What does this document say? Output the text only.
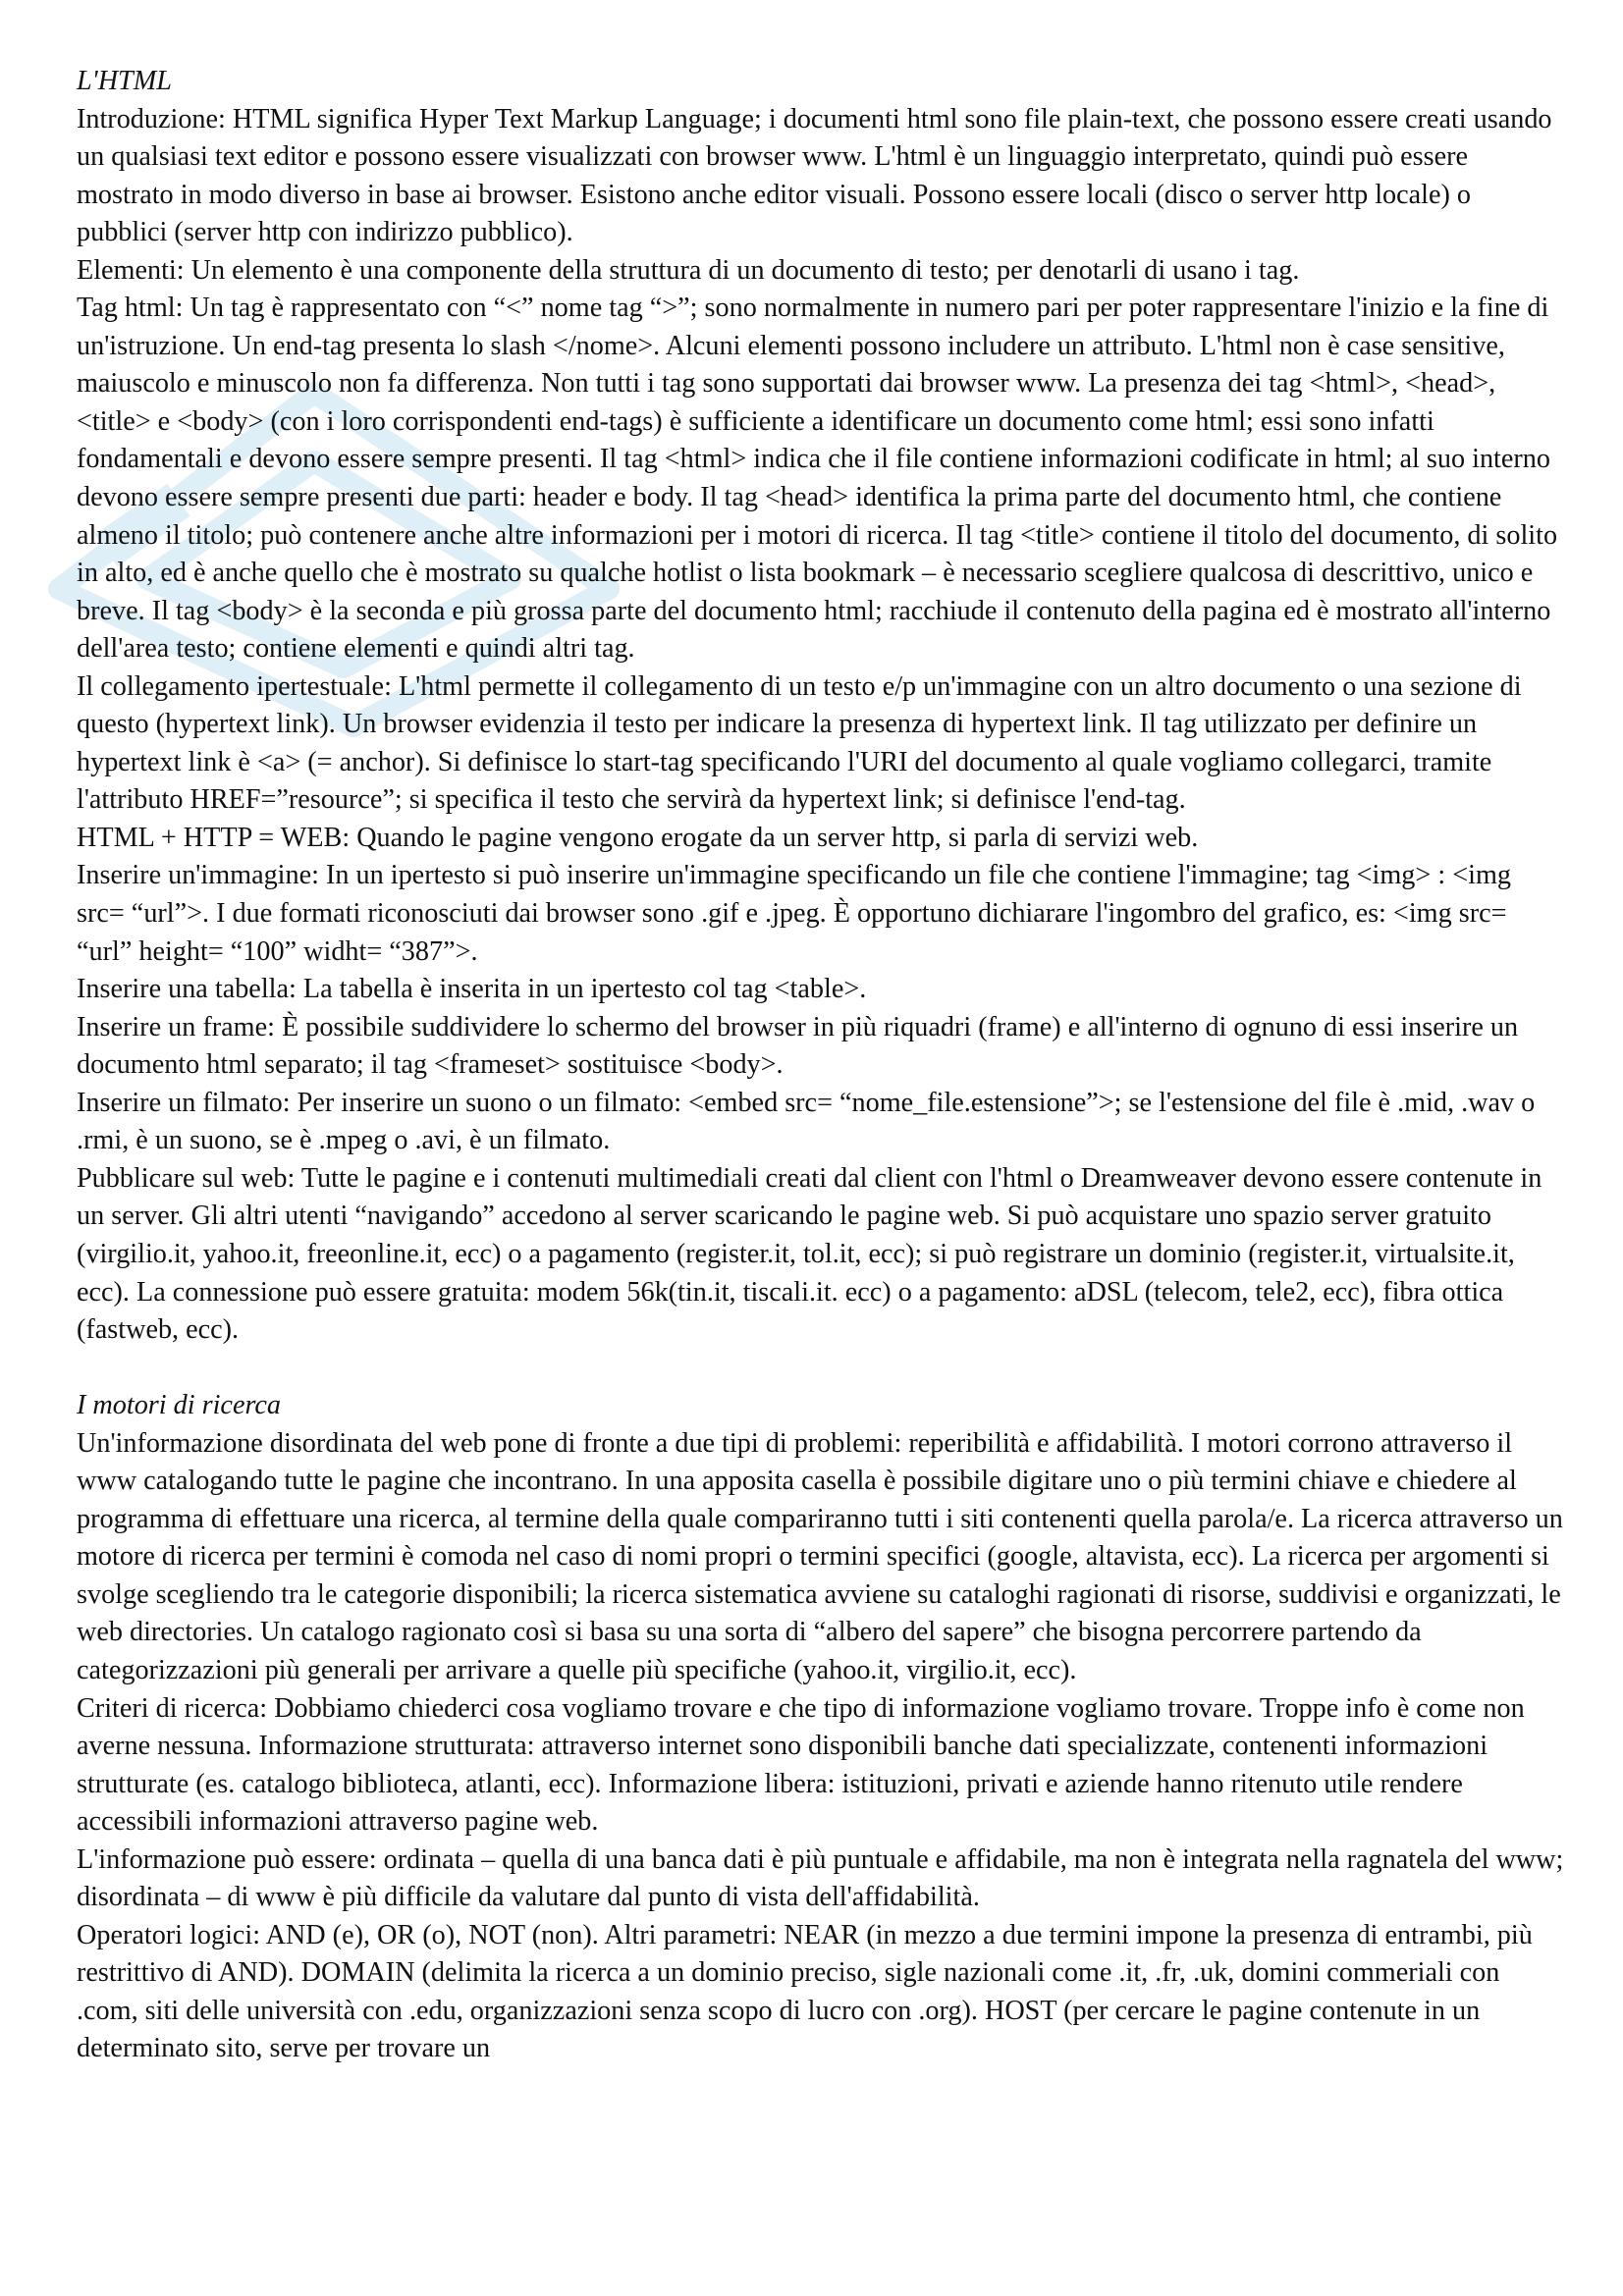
L'HTML

Introduzione: HTML significa Hyper Text Markup Language; i documenti html sono file plain-text, che possono essere creati usando un qualsiasi text editor e possono essere visualizzati con browser www. L'html è un linguaggio interpretato, quindi può essere mostrato in modo diverso in base ai browser. Esistono anche editor visuali. Possono essere locali (disco o server http locale) o pubblici (server http con indirizzo pubblico).

Elementi: Un elemento è una componente della struttura di un documento di testo; per denotarli di usano i tag.

Tag html: Un tag è rappresentato con “<” nome tag “>”; sono normalmente in numero pari per poter rappresentare l'inizio e la fine di un'istruzione. Un end-tag presenta lo slash </nome>. Alcuni elementi possono includere un attributo. L'html non è case sensitive, maiuscolo e minuscolo non fa differenza. Non tutti i tag sono supportati dai browser www. La presenza dei tag <html>, <head>, <title> e <body> (con i loro corrispondenti end-tags) è sufficiente a identificare un documento come html; essi sono infatti fondamentali e devono essere sempre presenti. Il tag <html> indica che il file contiene informazioni codificate in html; al suo interno devono essere sempre presenti due parti: header e body. Il tag <head> identifica la prima parte del documento html, che contiene almeno il titolo; può contenere anche altre informazioni per i motori di ricerca. Il tag <title> contiene il titolo del documento, di solito in alto, ed è anche quello che è mostrato su qualche hotlist o lista bookmark – è necessario scegliere qualcosa di descrittivo, unico e breve. Il tag <body> è la seconda e più grossa parte del documento html; racchiude il contenuto della pagina ed è mostrato all'interno dell'area testo; contiene elementi e quindi altri tag.

Il collegamento ipertestuale: L'html permette il collegamento di un testo e/p un'immagine con un altro documento o una sezione di questo (hypertext link). Un browser evidenzia il testo per indicare la presenza di hypertext link. Il tag utilizzato per definire un hypertext link è <a> (= anchor). Si definisce lo start-tag specificando l'URI del documento al quale vogliamo collegarci, tramite l'attributo HREF=”resource”; si specifica il testo che servirà da hypertext link; si definisce l'end-tag.

HTML + HTTP = WEB: Quando le pagine vengono erogate da un server http, si parla di servizi web.

Inserire un'immagine: In un ipertesto si può inserire un'immagine specificando un file che contiene l'immagine; tag <img> : <img src= “url”>. I due formati riconosciuti dai browser sono .gif e .jpeg. È opportuno dichiarare l'ingombro del grafico, es: <img src= “url” height= “100” widht= “387”>.

Inserire una tabella: La tabella è inserita in un ipertesto col tag <table>.

Inserire un frame: È possibile suddividere lo schermo del browser in più riquadri (frame) e all'interno di ognuno di essi inserire un documento html separato; il tag <frameset> sostituisce <body>.

Inserire un filmato: Per inserire un suono o un filmato: <embed src= “nome_file.estensione”>; se l'estensione del file è .mid, .wav o .rmi, è un suono, se è .mpeg o .avi, è un filmato.

Pubblicare sul web: Tutte le pagine e i contenuti multimediali creati dal client con l'html o Dreamweaver devono essere contenute in un server. Gli altri utenti “navigando” accedono al server scaricando le pagine web. Si può acquistare uno spazio server gratuito (virgilio.it, yahoo.it, freeonline.it, ecc) o a pagamento (register.it, tol.it, ecc); si può registrare un dominio (register.it, virtualsite.it, ecc). La connessione può essere gratuita: modem 56k(tin.it, tiscali.it. ecc) o a pagamento: aDSL (telecom, tele2, ecc), fibra ottica (fastweb, ecc).

I motori di ricerca

Un'informazione disordinata del web pone di fronte a due tipi di problemi: reperibilità e affidabilità. I motori corrono attraverso il www catalogando tutte le pagine che incontrano. In una apposita casella è possibile digitare uno o più termini chiave e chiedere al programma di effettuare una ricerca, al termine della quale compariranno tutti i siti contenenti quella parola/e. La ricerca attraverso un motore di ricerca per termini è comoda nel caso di nomi propri o termini specifici (google, altavista, ecc). La ricerca per argomenti si svolge scegliendo tra le categorie disponibili; la ricerca sistematica avviene su cataloghi ragionati di risorse, suddivisi e organizzati, le web directories. Un catalogo ragionato così si basa su una sorta di “albero del sapere” che bisogna percorrere partendo da categorizzazioni più generali per arrivare a quelle più specifiche (yahoo.it, virgilio.it, ecc).

Criteri di ricerca: Dobbiamo chiederci cosa vogliamo trovare e che tipo di informazione vogliamo trovare. Troppe info è come non averne nessuna. Informazione strutturata: attraverso internet sono disponibili banche dati specializzate, contenenti informazioni strutturate (es. catalogo biblioteca, atlanti, ecc). Informazione libera: istituzioni, privati e aziende hanno ritenuto utile rendere accessibili informazioni attraverso pagine web.

L'informazione può essere: ordinata – quella di una banca dati è più puntuale e affidabile, ma non è integrata nella ragnatela del www; disordinata – di www è più difficile da valutare dal punto di vista dell'affidabilità.

Operatori logici: AND (e), OR (o), NOT (non). Altri parametri: NEAR (in mezzo a due termini impone la presenza di entrambi, più restrittivo di AND). DOMAIN (delimita la ricerca a un dominio preciso, sigle nazionali come .it, .fr, .uk, domini commeriali con .com, siti delle università con .edu, organizzazioni senza scopo di lucro con .org). HOST (per cercare le pagine contenute in un determinato sito, serve per trovare un
